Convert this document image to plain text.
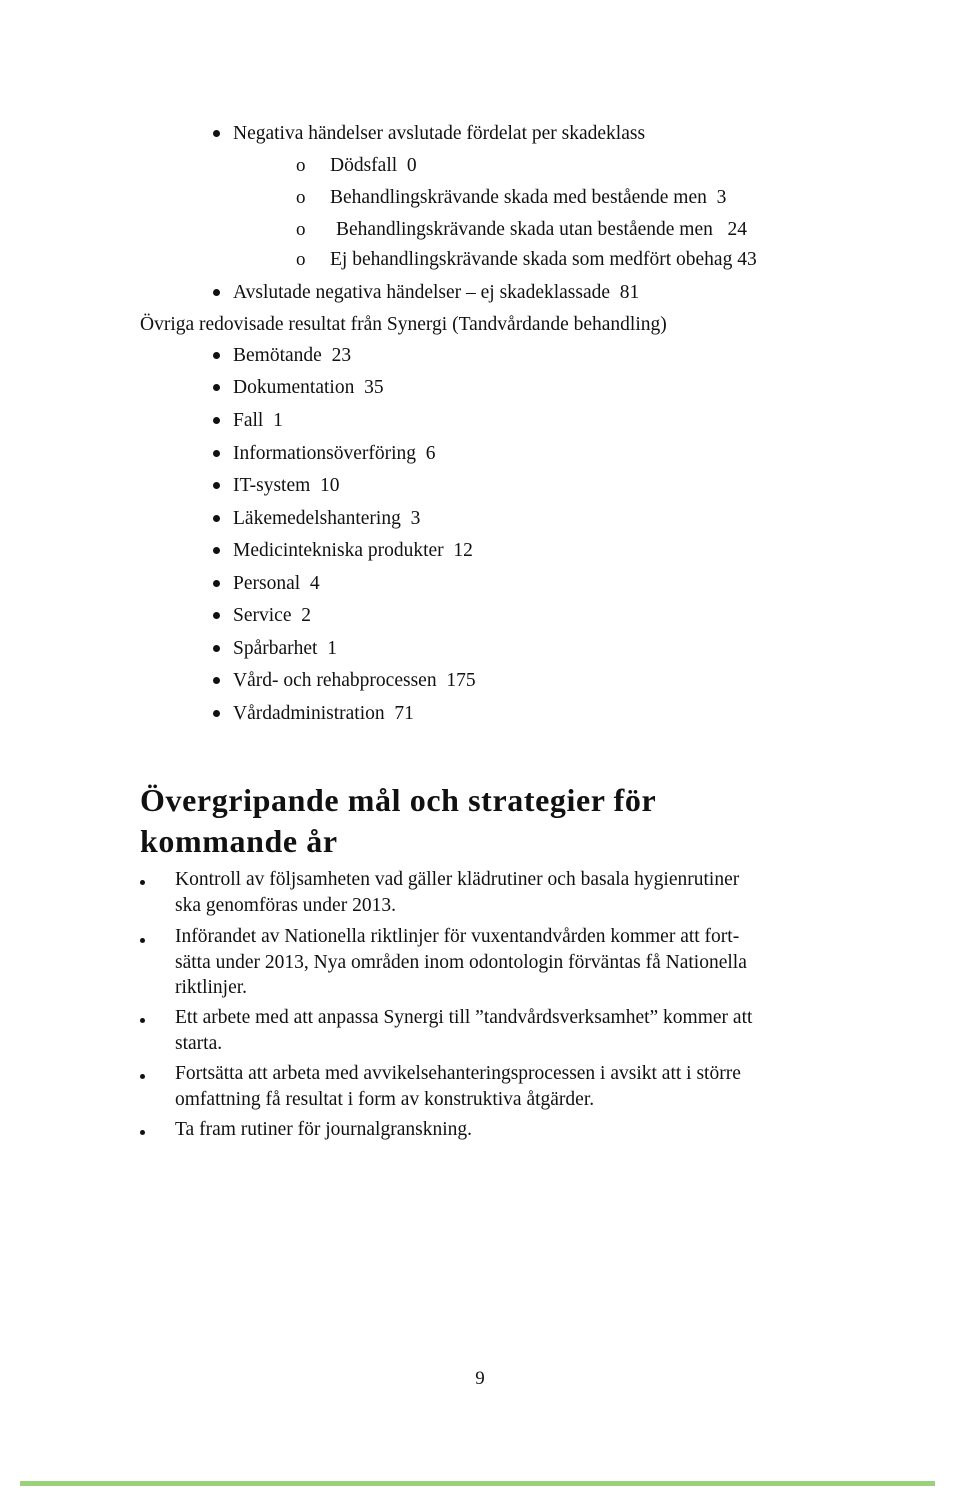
Negativa händelser avslutade fördelat per skadeklass
o Dödsfall 0
o Behandlingskrävande skada med bestående men 3
o Behandlingskrävande skada utan bestående men 24
o Ej behandlingskrävande skada som medfört obehag 43
Avslutade negativa händelser – ej skadeklassade 81
Övriga redovisade resultat från Synergi (Tandvårdande behandling)
Bemötande 23
Dokumentation 35
Fall 1
Informationsöverföring 6
IT-system 10
Läkemedelshantering 3
Medicintekniska produkter 12
Personal 4
Service 2
Spårbarhet 1
Vård- och rehabprocessen 175
Vårdadministration 71
Övergripande mål och strategier för
kommande år
Kontroll av följsamheten vad gäller klädrutiner och basala hygienrutiner
ska genomföras under 2013.
Införandet av Nationella riktlinjer för vuxentandvården kommer att fort-
sätta under 2013, Nya områden inom odontologin förväntas få Nationella
riktlinjer.
Ett arbete med att anpassa Synergi till ”tandvårdsverksamhet” kommer att
starta.
Fortsätta att arbeta med avvikelsehanteringsprocessen i avsikt att i större
omfattning få resultat i form av konstruktiva åtgärder.
Ta fram rutiner för journalgranskning.
9
